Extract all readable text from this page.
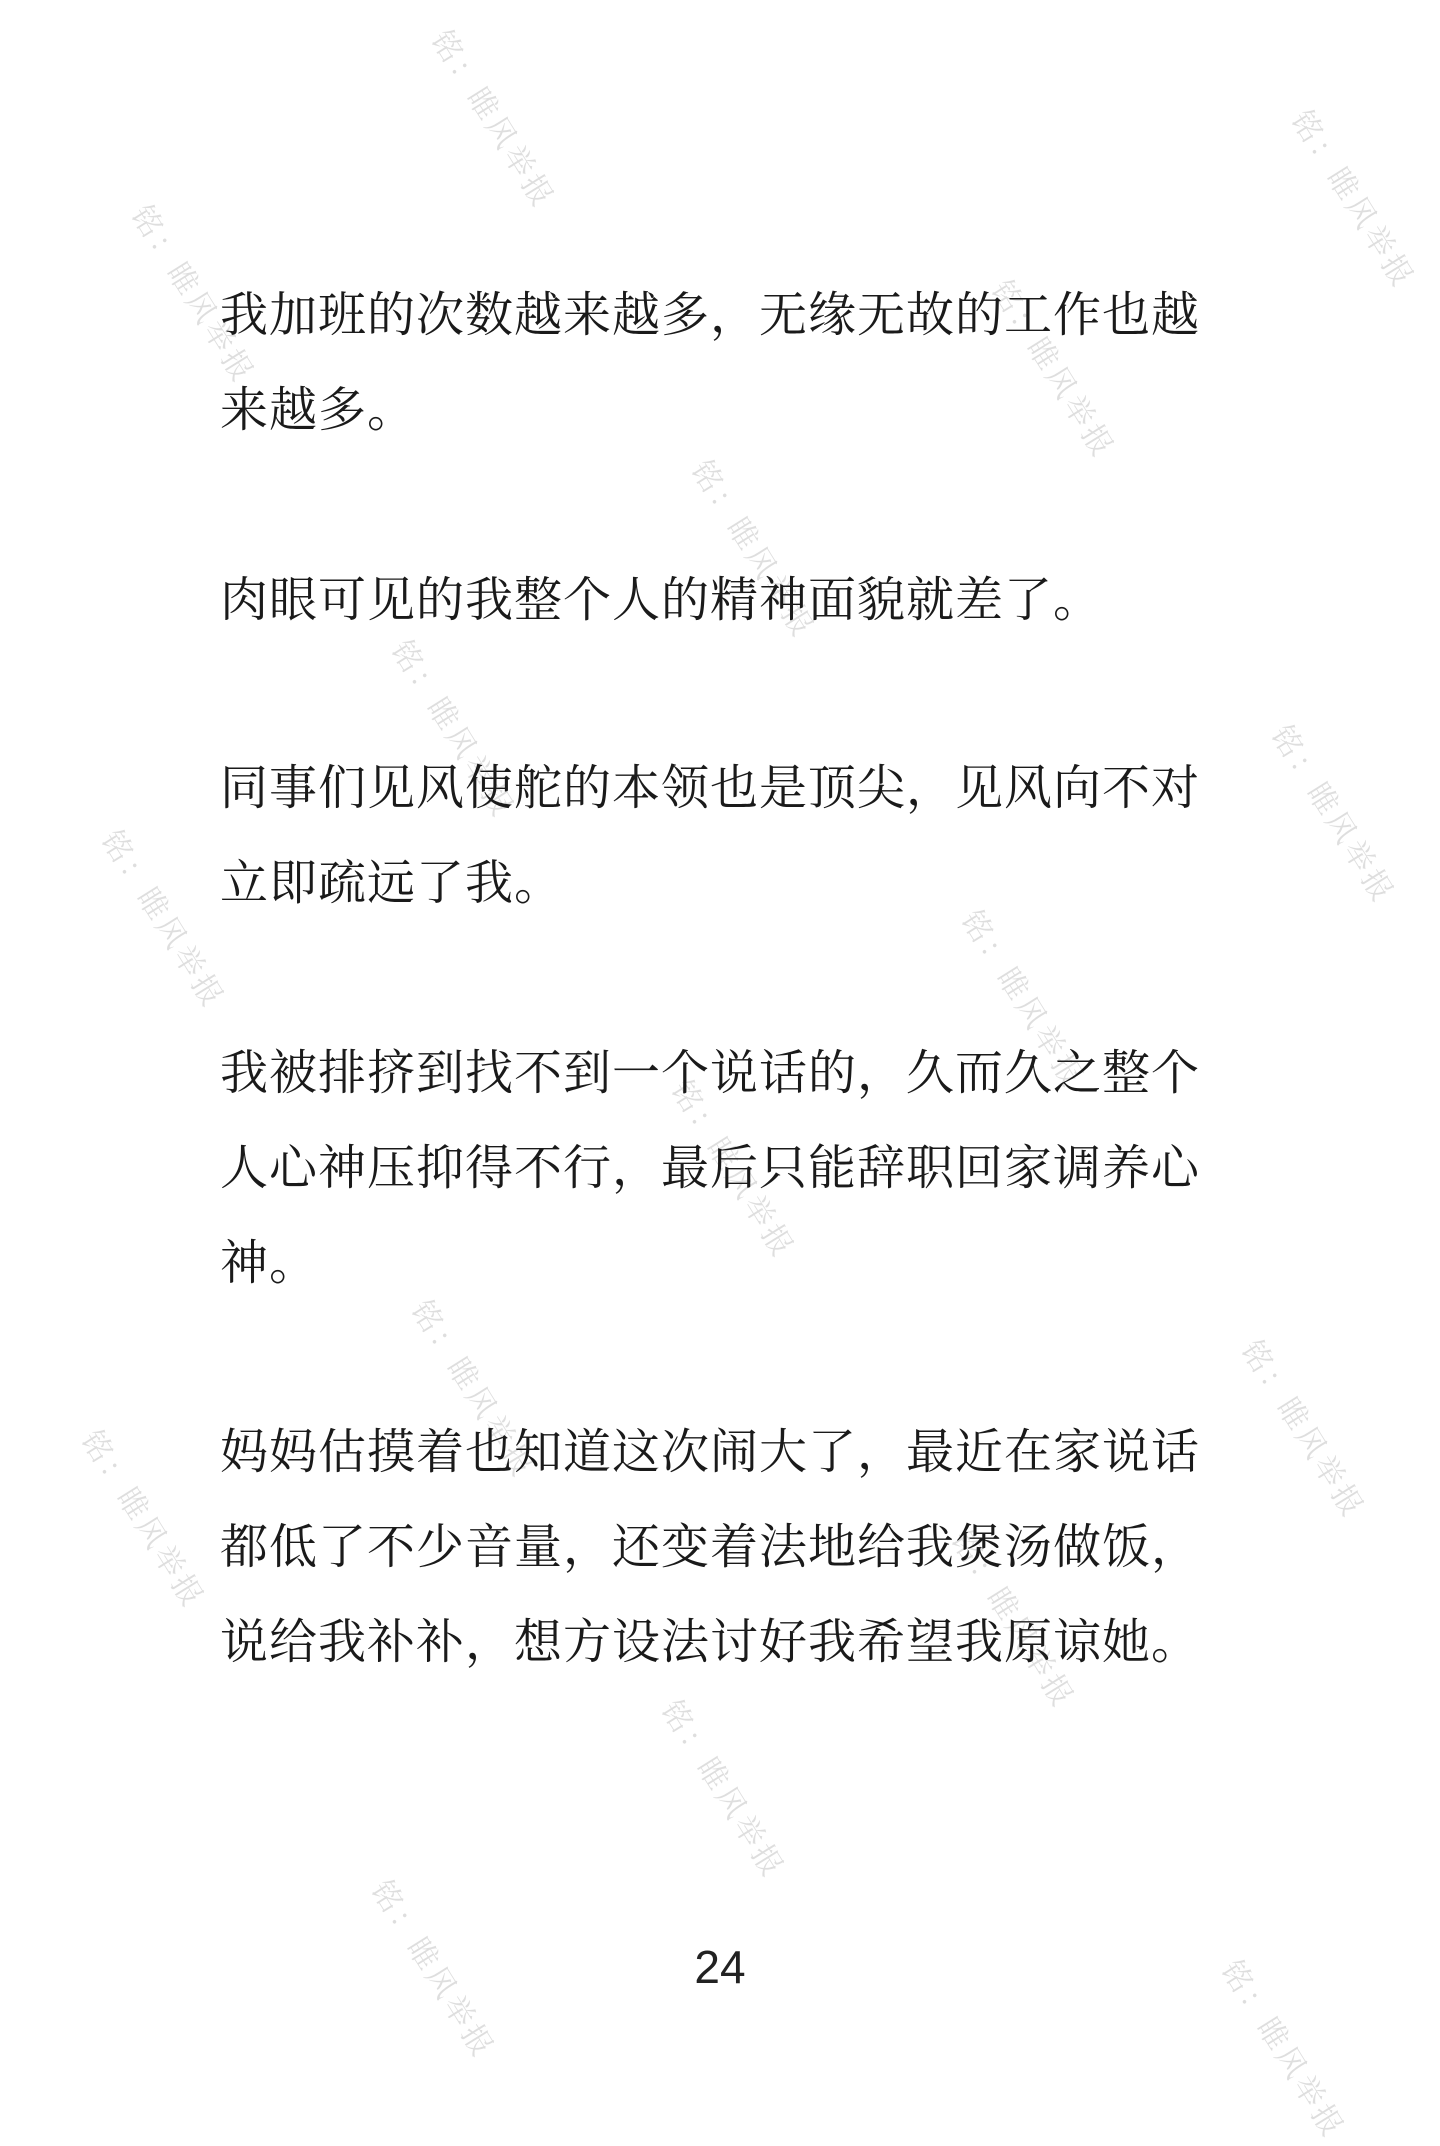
铭：睢风举报	铭：睢风举报
铭：睢风举报	铭：睢风举报
铭：睢风举报
铭：睢风举报	铭：睢风举报
铭：睢风举报	铭：睢风举报
铭：睢风举报
铭：睢风举报	铭：睢风举报
铭：睢风举报
铭：睢风举报
铭：睢风举报
铭：睢风举报	铭：睢风举报

我加班的次数越来越多，无缘无故的工作也越来越多。

肉眼可见的我整个人的精神面貌就差了。

同事们见风使舵的本领也是顶尖，见风向不对立即疏远了我。

我被排挤到找不到一个说话的，久而久之整个人心神压抑得不行，最后只能辞职回家调养心神。

妈妈估摸着也知道这次闹大了，最近在家说话都低了不少音量，还变着法地给我煲汤做饭，说给我补补，想方设法讨好我希望我原谅她。

24
